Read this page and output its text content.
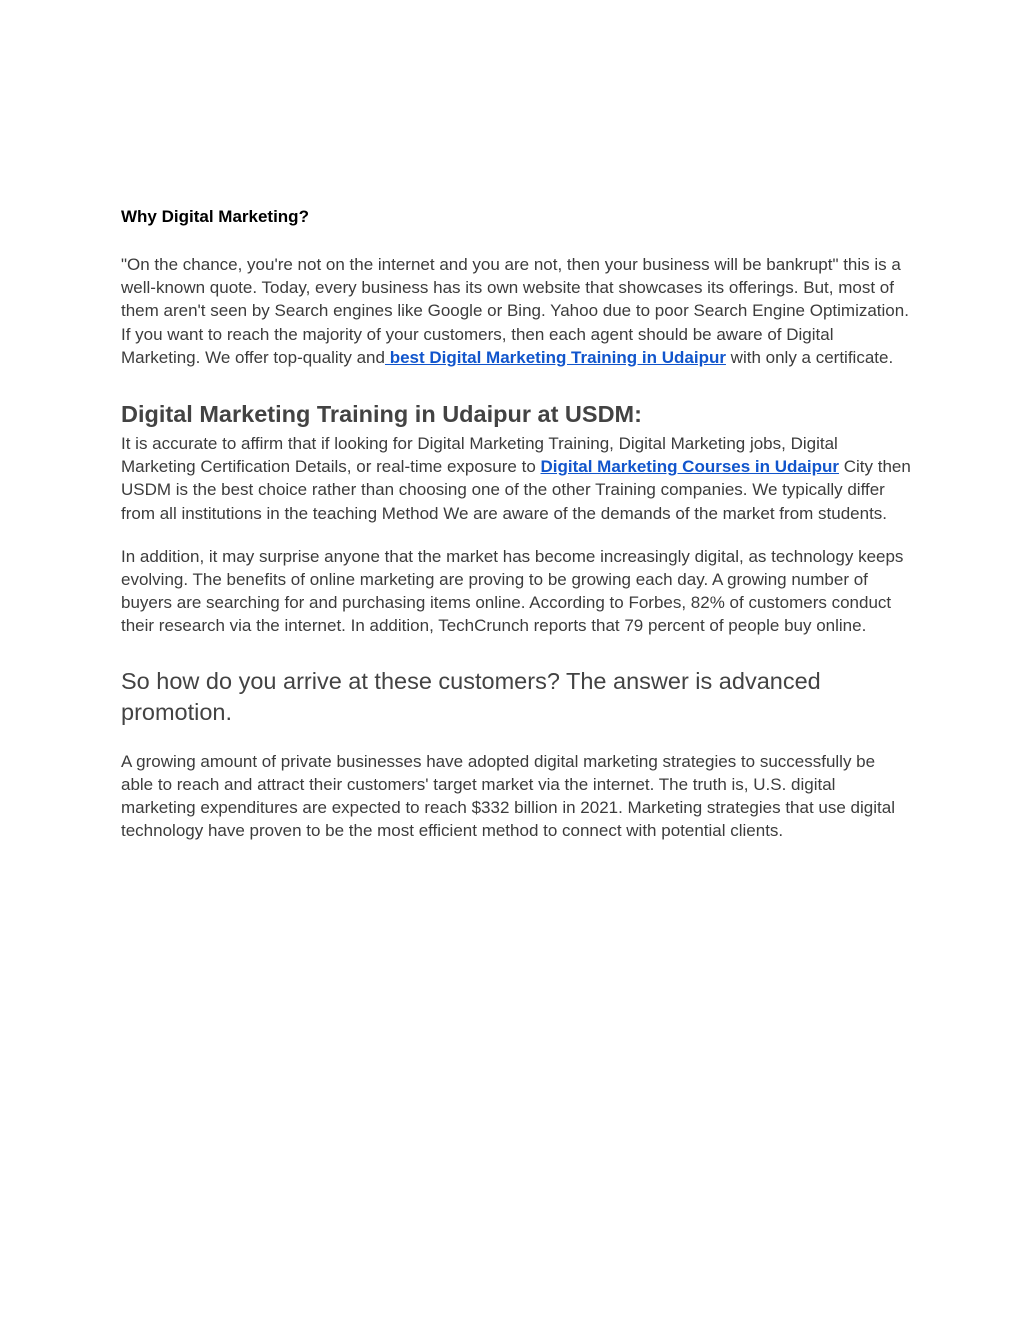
Why Digital Marketing?

"On the chance, you're not on the internet and you are not, then your business will be bankrupt" this is a well-known quote. Today, every business has its own website that showcases its offerings. But, most of them aren't seen by Search engines like Google or Bing. Yahoo due to poor Search Engine Optimization. If you want to reach the majority of your customers, then each agent should be aware of Digital Marketing. We offer top-quality and best Digital Marketing Training in Udaipur with only a certificate.

Digital Marketing Training in Udaipur at USDM:

It is accurate to affirm that if looking for Digital Marketing Training, Digital Marketing jobs, Digital Marketing Certification Details, or real-time exposure to Digital Marketing Courses in Udaipur City then USDM is the best choice rather than choosing one of the other Training companies. We typically differ from all institutions in the teaching Method We are aware of the demands of the market from students.

In addition, it may surprise anyone that the market has become increasingly digital, as technology keeps evolving. The benefits of online marketing are proving to be growing each day. A growing number of buyers are searching for and purchasing items online. According to Forbes, 82% of customers conduct their research via the internet. In addition, TechCrunch reports that 79 percent of people buy online.

So how do you arrive at these customers? The answer is advanced promotion.

A growing amount of private businesses have adopted digital marketing strategies to successfully be able to reach and attract their customers' target market via the internet. The truth is, U.S. digital marketing expenditures are expected to reach $332 billion in 2021. Marketing strategies that use digital technology have proven to be the most efficient method to connect with potential clients.
